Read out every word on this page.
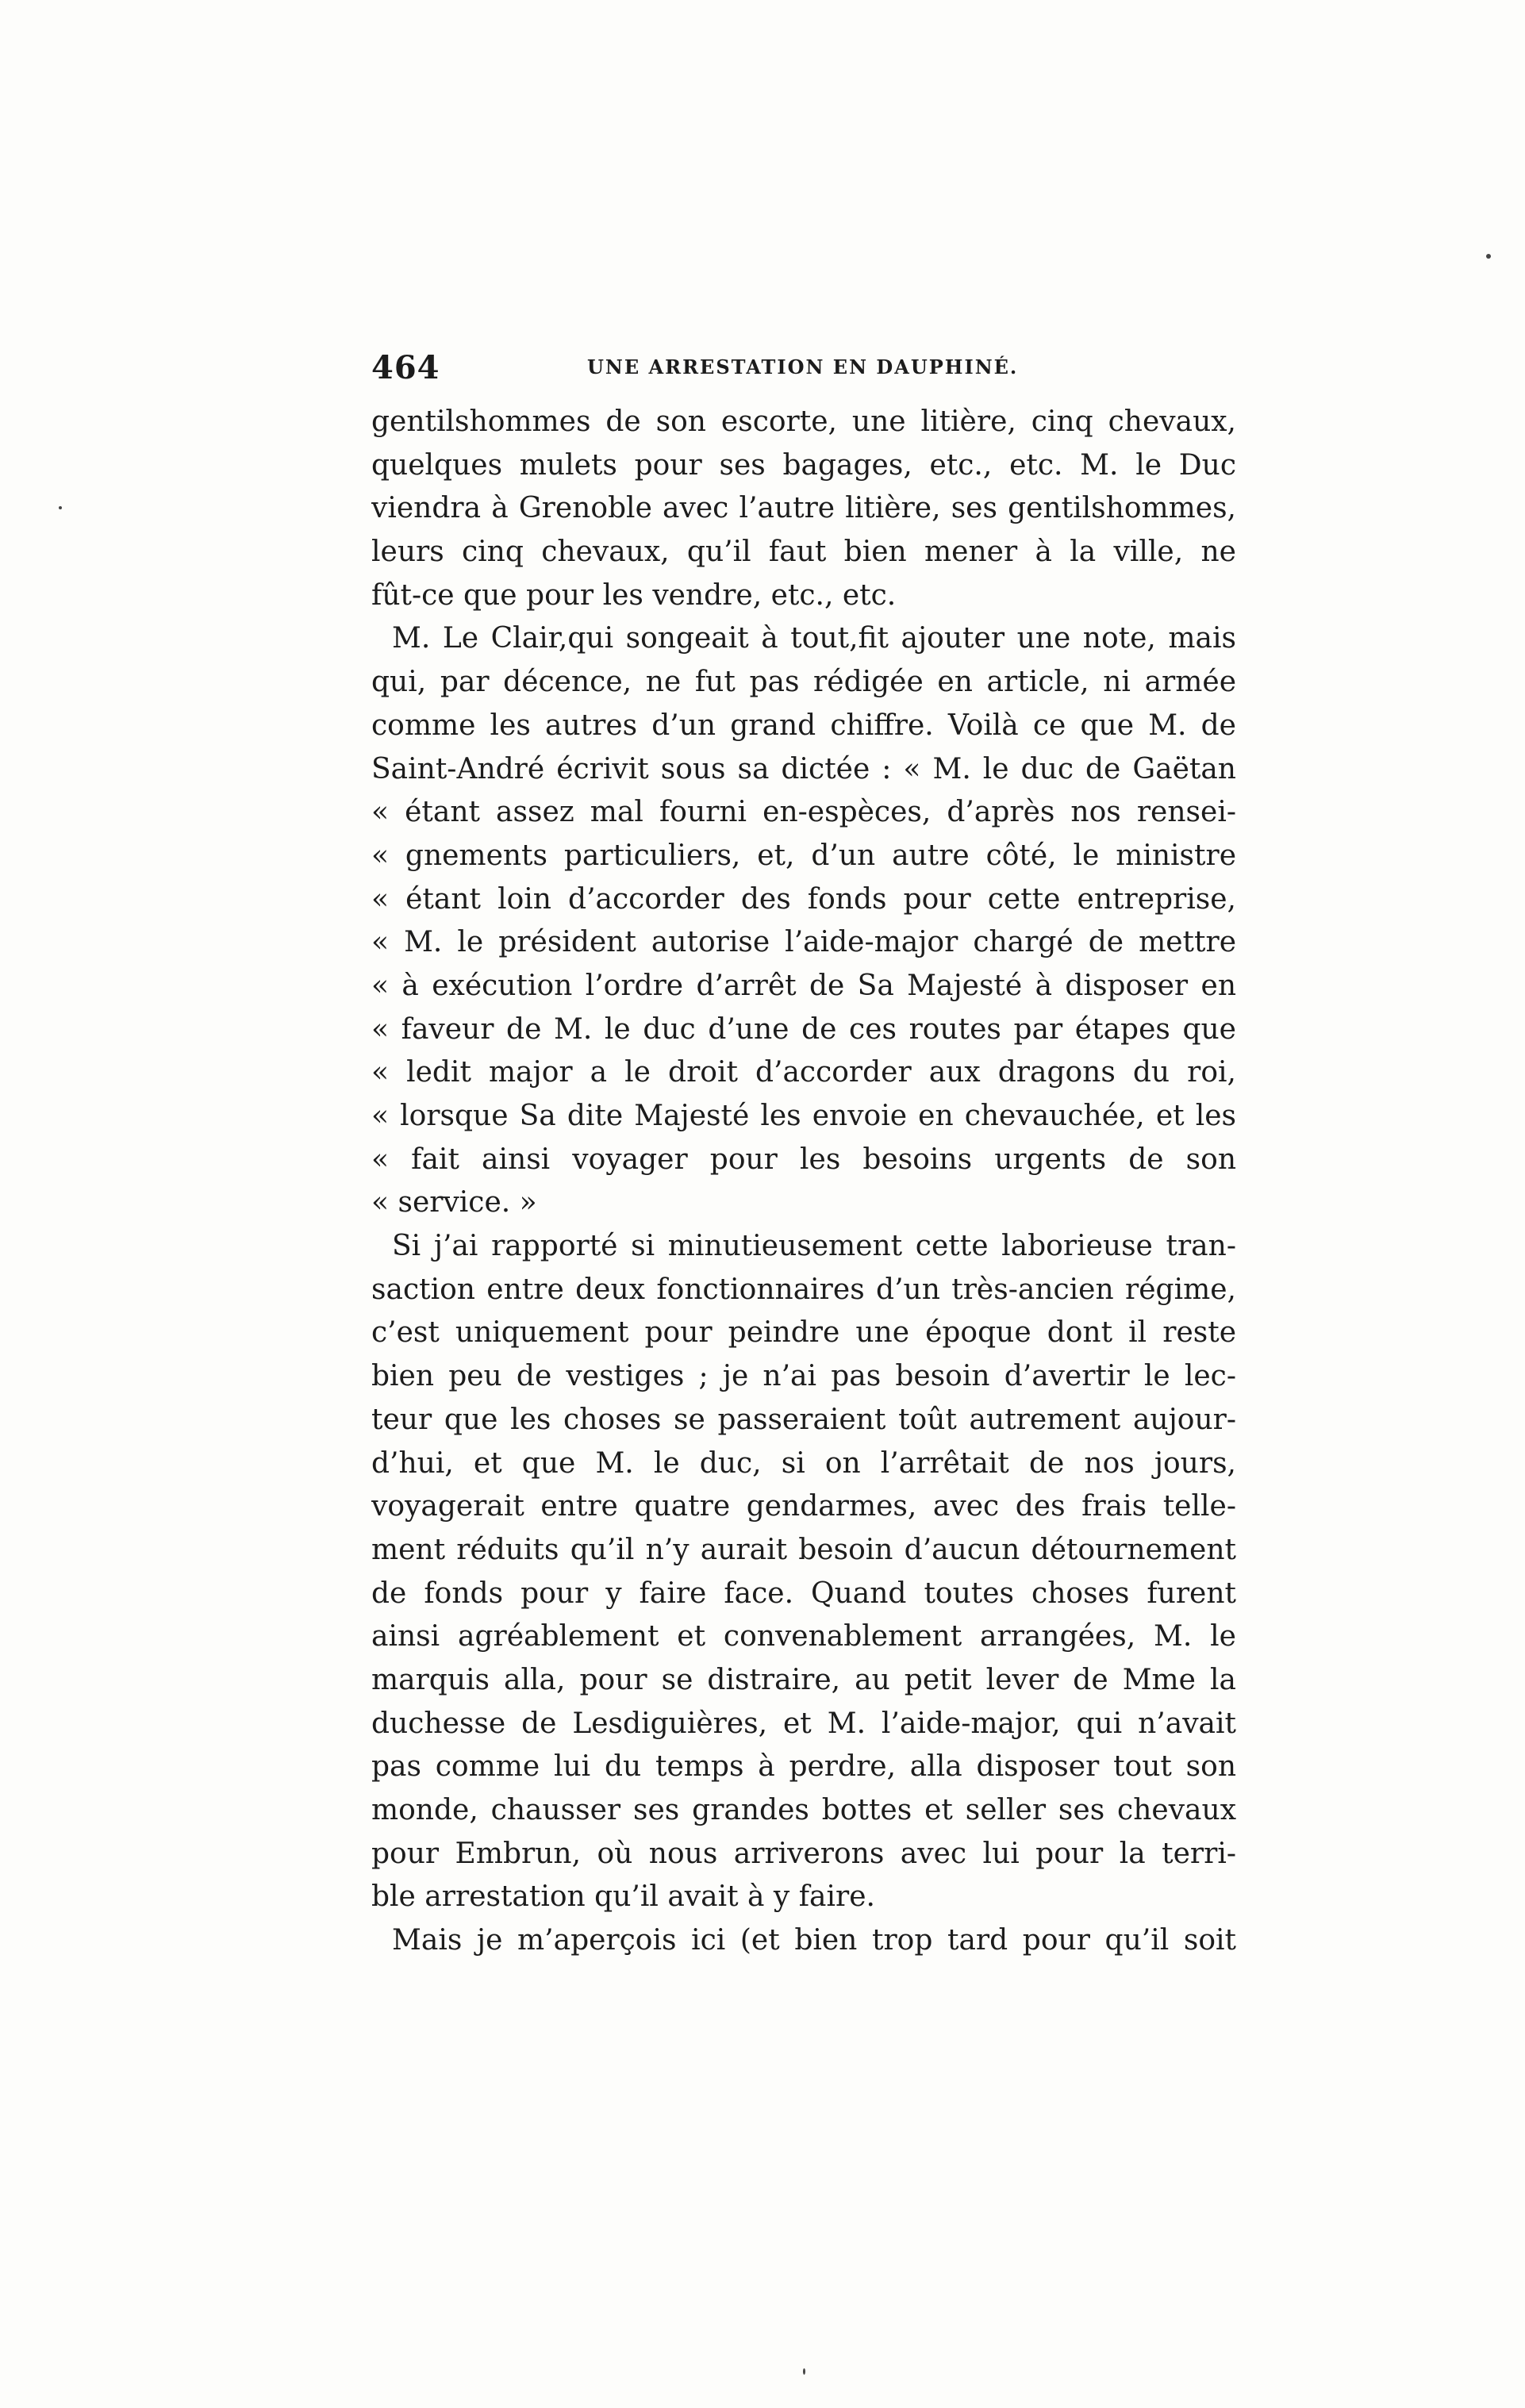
464	UNE ARRESTATION EN DAUPHINÉ.
gentilshommes de son escorte, une litière, cinq chevaux,
quelques mulets pour ses bagages, etc., etc. M. le Duc
viendra à Grenoble avec l’autre litière, ses gentilshommes,
leurs cinq chevaux, qu’il faut bien mener à la ville, ne
fût-ce que pour les vendre, etc., etc.
M. Le Clair,qui songeait à tout,fit ajouter une note, mais
qui, par décence, ne fut pas rédigée en article, ni armée
comme les autres d’un grand chiffre. Voilà ce que M. de
Saint-André écrivit sous sa dictée : « M. le duc de Gaëtan
« étant assez mal fourni en-espèces, d’après nos rensei-
« gnements particuliers, et, d’un autre côté, le ministre
« étant loin d’accorder des fonds pour cette entreprise,
« M. le président autorise l’aide-major chargé de mettre
« à exécution l’ordre d’arrêt de Sa Majesté à disposer en
« faveur de M. le duc d’une de ces routes par étapes que
« ledit major a le droit d’accorder aux dragons du roi,
« lorsque Sa dite Majesté les envoie en chevauchée, et les
« fait ainsi voyager pour les besoins urgents de son
« service. »
Si j’ai rapporté si minutieusement cette laborieuse tran-
saction entre deux fonctionnaires d’un très-ancien régime,
c’est uniquement pour peindre une époque dont il reste
bien peu de vestiges ; je n’ai pas besoin d’avertir le lec-
teur que les choses se passeraient toût autrement aujour-
d’hui, et que M. le duc, si on l’arrêtait de nos jours,
voyagerait entre quatre gendarmes, avec des frais telle-
ment réduits qu’il n’y aurait besoin d’aucun détournement
de fonds pour y faire face. Quand toutes choses furent
ainsi agréablement et convenablement arrangées, M. le
marquis alla, pour se distraire, au petit lever de Mme la
duchesse de Lesdiguières, et M. l’aide-major, qui n’avait
pas comme lui du temps à perdre, alla disposer tout son
monde, chausser ses grandes bottes et seller ses chevaux
pour Embrun, où nous arriverons avec lui pour la terri-
ble arrestation qu’il avait à y faire.
Mais je m’aperçois ici (et bien trop tard pour qu’il soit
